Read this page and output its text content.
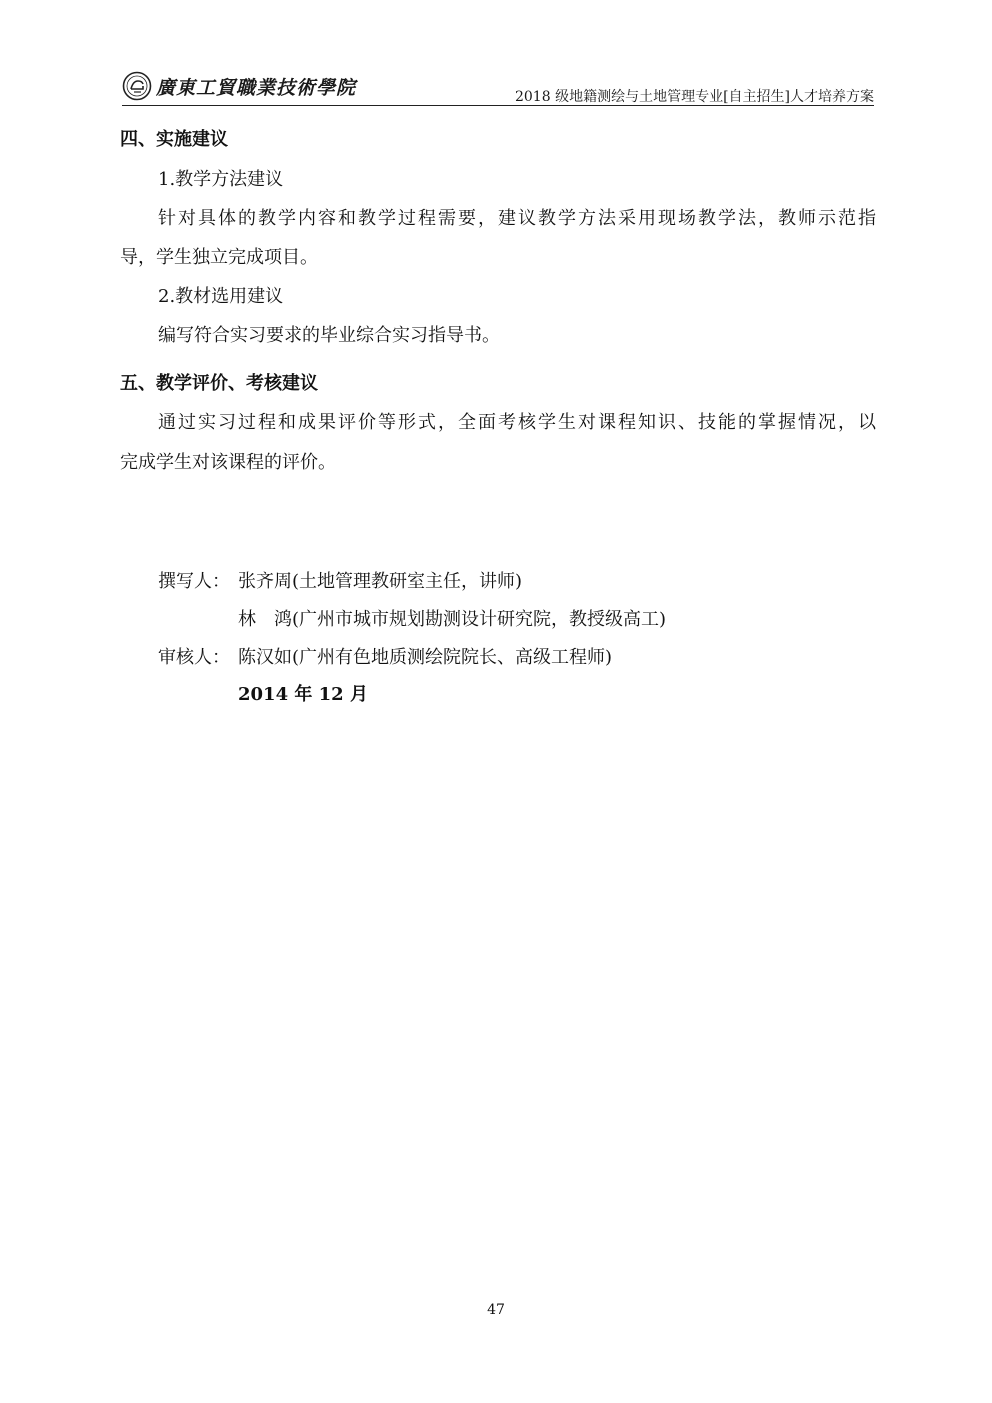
廣東工貿職業技術學院	2018 级地籍测绘与土地管理专业[自主招生]人才培养方案
四、实施建议
1.教学方法建议
针对具体的教学内容和教学过程需要，建议教学方法采用现场教学法，教师示范指
导，学生独立完成项目。
2.教材选用建议
编写符合实习要求的毕业综合实习指导书。
五、教学评价、考核建议
通过实习过程和成果评价等形式，全面考核学生对课程知识、技能的掌握情况，以
完成学生对该课程的评价。
撰写人： 张齐周(土地管理教研室主任，讲师)
林　鸿(广州市城市规划勘测设计研究院，教授级高工)
审核人： 陈汉如(广州有色地质测绘院院长、高级工程师)
2014 年 12 月
47
